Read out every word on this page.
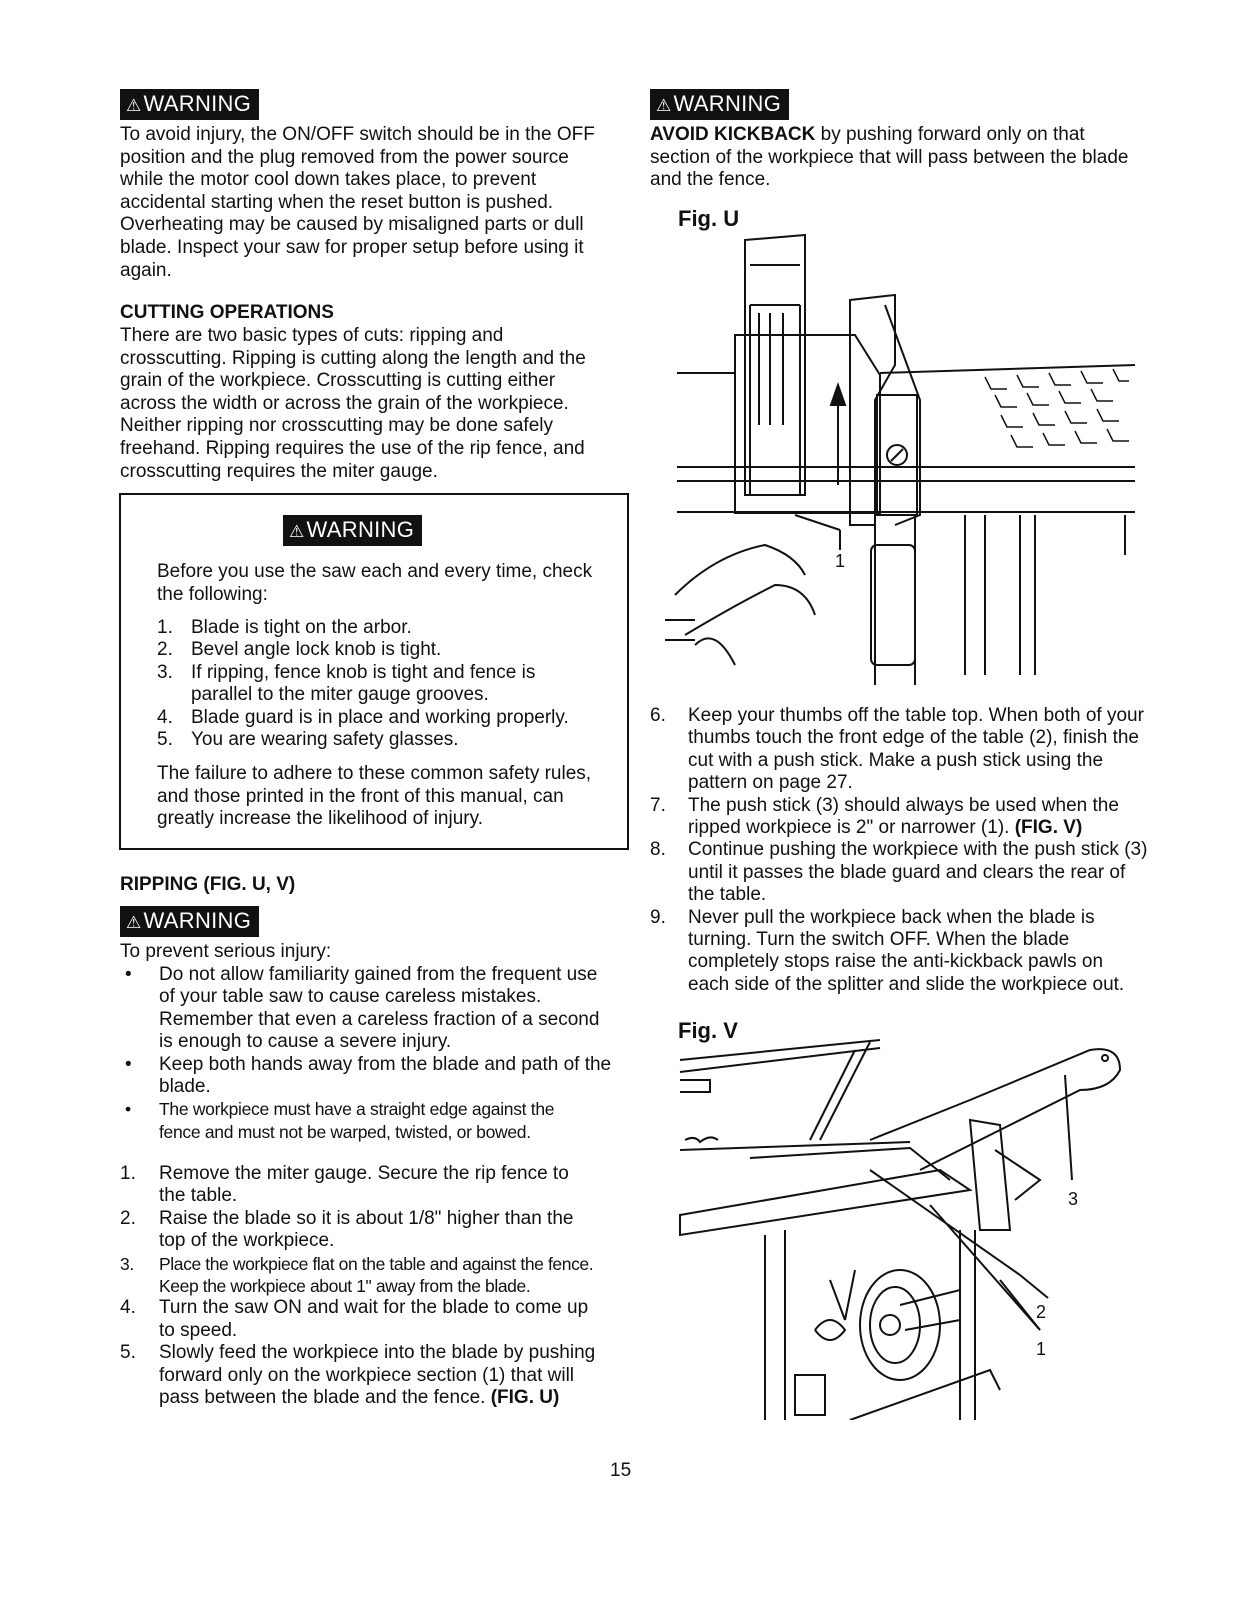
⚠WARNING

To avoid injury, the ON/OFF switch should be in the OFF position and the plug removed from the power source while the motor cool down takes place, to prevent accidental starting when the reset button is pushed. Overheating may be caused by misaligned parts or dull blade. Inspect your saw for proper setup before using it again.

CUTTING OPERATIONS

There are two basic types of cuts: ripping and crosscutting. Ripping is cutting along the length and the grain of the workpiece. Crosscutting is cutting either across the width or across the grain of the workpiece. Neither ripping nor crosscutting may be done safely freehand. Ripping requires the use of the rip fence, and crosscutting requires the miter gauge.

⚠WARNING

Before you use the saw each and every time, check the following:

1. Blade is tight on the arbor.
2. Bevel angle lock knob is tight.
3. If ripping, fence knob is tight and fence is parallel to the miter gauge grooves.
4. Blade guard is in place and working properly.
5. You are wearing safety glasses.

The failure to adhere to these common safety rules, and those printed in the front of this manual, can greatly increase the likelihood of injury.

RIPPING (FIG. U, V)
⚠WARNING

To prevent serious injury:

• Do not allow familiarity gained from the frequent use of your table saw to cause careless mistakes. Remember that even a careless fraction of a second is enough to cause a severe injury.
• Keep both hands away from the blade and path of the blade.
• The workpiece must have a straight edge against the fence and must not be warped, twisted, or bowed.
1. Remove the miter gauge. Secure the rip fence to the table.
2. Raise the blade so it is about 1/8" higher than the top of the workpiece.
3. Place the workpiece flat on the table and against the fence. Keep the workpiece about 1" away from the blade.
4. Turn the saw ON and wait for the blade to come up to speed.
5. Slowly feed the workpiece into the blade by pushing forward only on the workpiece section (1) that will pass between the blade and the fence. (FIG. U)
⚠WARNING

AVOID KICKBACK by pushing forward only on that section of the workpiece that will pass between the blade and the fence.

Fig. U
1
6. Keep your thumbs off the table top. When both of your thumbs touch the front edge of the table (2), finish the cut with a push stick. Make a push stick using the pattern on page 27.
7. The push stick (3) should always be used when the ripped workpiece is 2" or narrower (1). (FIG. V)
8. Continue pushing the workpiece with the push stick (3) until it passes the blade guard and clears the rear of the table.
9. Never pull the workpiece back when the blade is turning. Turn the switch OFF. When the blade completely stops raise the anti-kickback pawls on each side of the splitter and slide the workpiece out.
Fig. V
3
2
1
15
